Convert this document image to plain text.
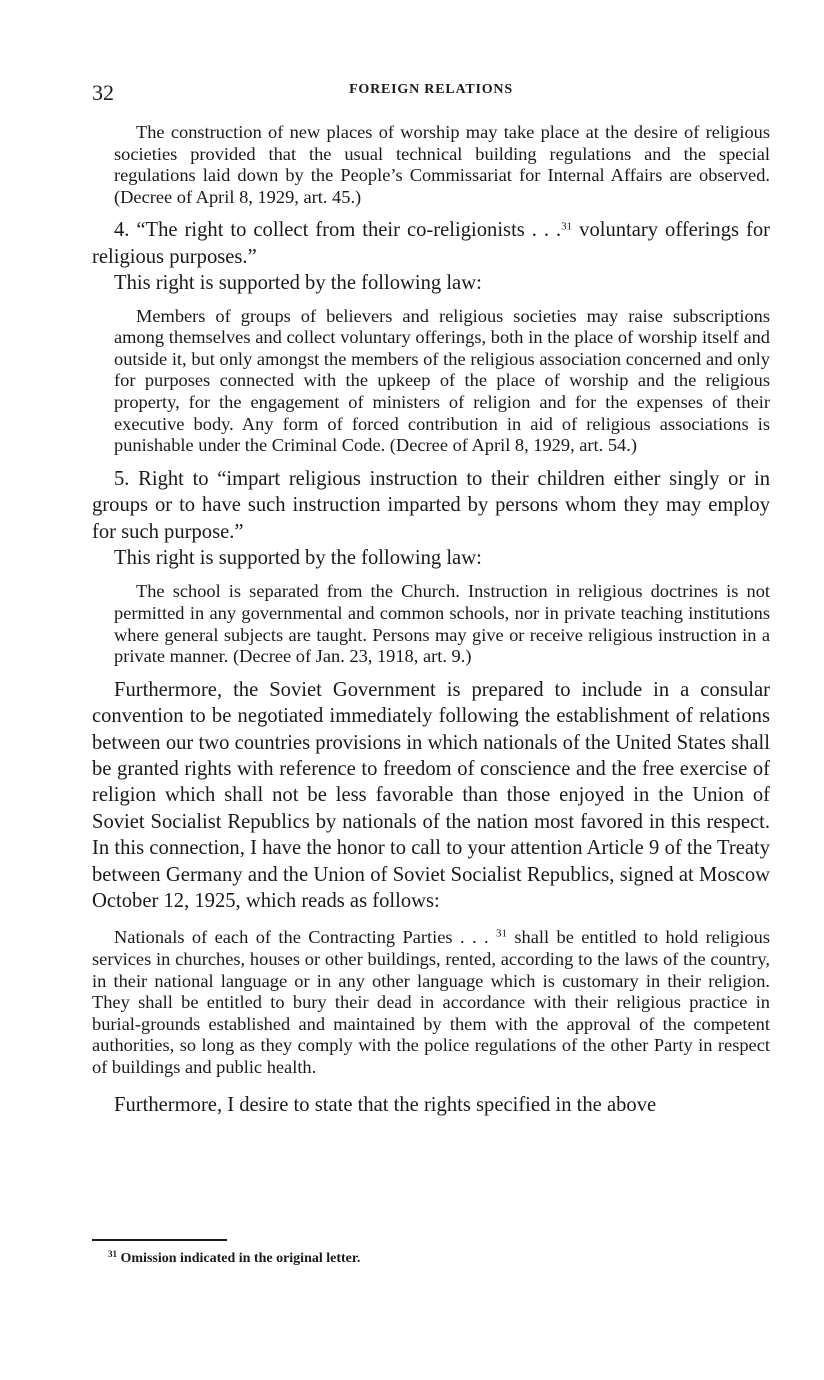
32	FOREIGN RELATIONS

The construction of new places of worship may take place at the desire of religious societies provided that the usual technical building regulations and the special regulations laid down by the People’s Commissariat for Internal Affairs are observed. (Decree of April 8, 1929, art. 45.)

4. “The right to collect from their co-religionists . . .$^{31}$ voluntary offerings for religious purposes.”

This right is supported by the following law:

Members of groups of believers and religious societies may raise subscriptions among themselves and collect voluntary offerings, both in the place of worship itself and outside it, but only amongst the members of the religious association concerned and only for purposes connected with the upkeep of the place of worship and the religious property, for the engagement of ministers of religion and for the expenses of their executive body. Any form of forced contribution in aid of religious associations is punishable under the Criminal Code. (Decree of April 8, 1929, art. 54.)

5. Right to “impart religious instruction to their children either singly or in groups or to have such instruction imparted by persons whom they may employ for such purpose.”

This right is supported by the following law:

The school is separated from the Church. Instruction in religious doctrines is not permitted in any governmental and common schools, nor in private teaching institutions where general subjects are taught. Persons may give or receive religious instruction in a private manner. (Decree of Jan. 23, 1918, art. 9.)

Furthermore, the Soviet Government is prepared to include in a consular convention to be negotiated immediately following the establishment of relations between our two countries provisions in which nationals of the United States shall be granted rights with reference to freedom of conscience and the free exercise of religion which shall not be less favorable than those enjoyed in the Union of Soviet Socialist Republics by nationals of the nation most favored in this respect. In this connection, I have the honor to call to your attention Article 9 of the Treaty between Germany and the Union of Soviet Socialist Republics, signed at Moscow October 12, 1925, which reads as follows:

Nationals of each of the Contracting Parties . . . $^{31}$ shall be entitled to hold religious services in churches, houses or other buildings, rented, according to the laws of the country, in their national language or in any other language which is customary in their religion. They shall be entitled to bury their dead in accordance with their religious practice in burial-grounds established and maintained by them with the approval of the competent authorities, so long as they comply with the police regulations of the other Party in respect of buildings and public health.

Furthermore, I desire to state that the rights specified in the above

$^{31}$ Omission indicated in the original letter.
